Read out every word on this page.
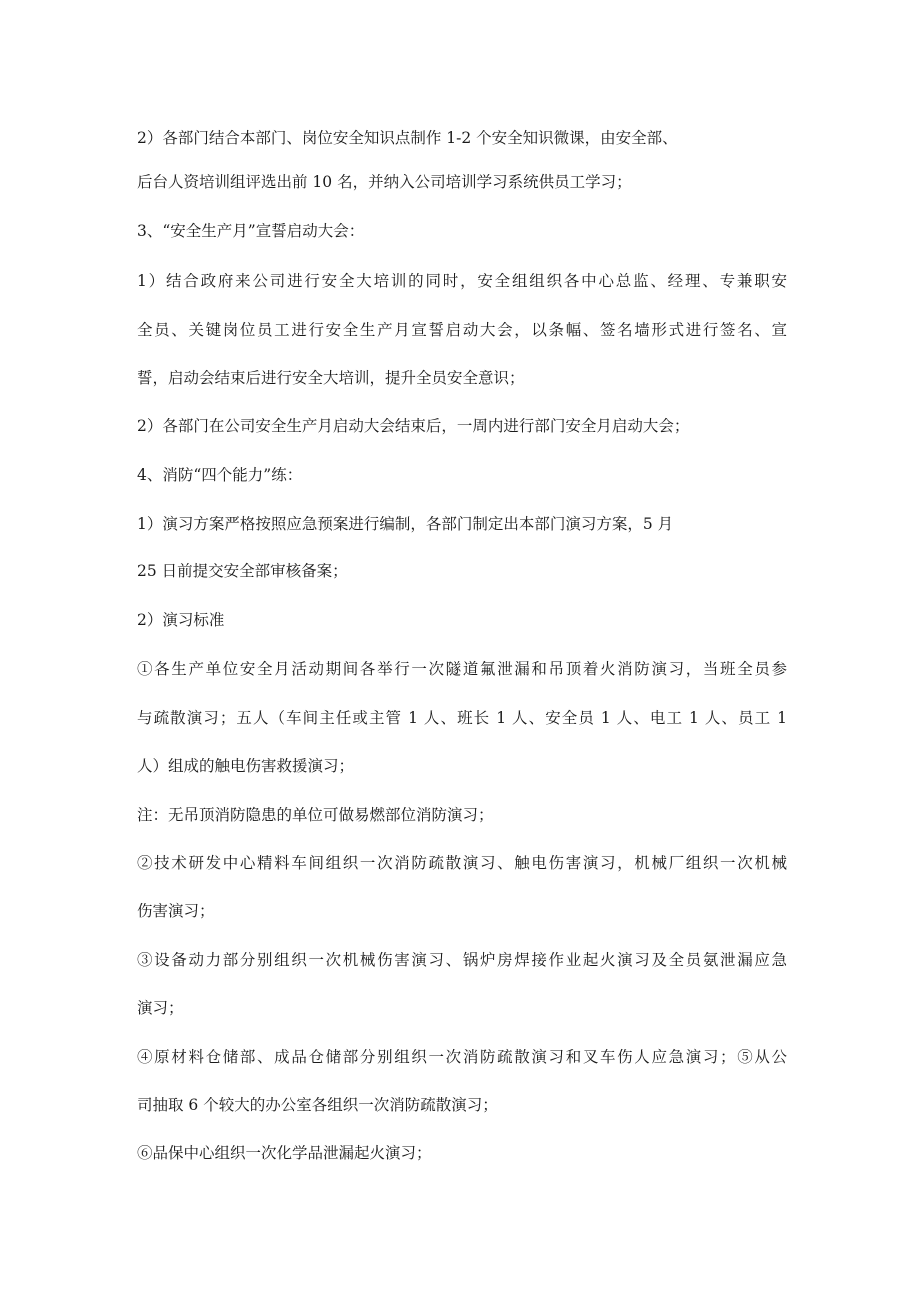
2）各部门结合本部门、岗位安全知识点制作 1-2 个安全知识微课，由安全部、
后台人资培训组评选出前 10 名，并纳入公司培训学习系统供员工学习；
3、“安全生产月”宣誓启动大会：
1）结合政府来公司进行安全大培训的同时，安全组组织各中心总监、经理、专兼职安
全员、关键岗位员工进行安全生产月宣誓启动大会，以条幅、签名墙形式进行签名、宣
誓，启动会结束后进行安全大培训，提升全员安全意识；
2）各部门在公司安全生产月启动大会结束后，一周内进行部门安全月启动大会；
4、消防“四个能力”练：
1）演习方案严格按照应急预案进行编制，各部门制定出本部门演习方案，5 月
25 日前提交安全部审核备案；
2）演习标准
①各生产单位安全月活动期间各举行一次隧道氟泄漏和吊顶着火消防演习，当班全员参
与疏散演习；五人（车间主任或主管 1 人、班长 1 人、安全员 1 人、电工 1 人、员工 1
人）组成的触电伤害救援演习；
注：无吊顶消防隐患的单位可做易燃部位消防演习；
②技术研发中心精料车间组织一次消防疏散演习、触电伤害演习，机械厂组织一次机械
伤害演习；
③设备动力部分别组织一次机械伤害演习、锅炉房焊接作业起火演习及全员氨泄漏应急
演习；
④原材料仓储部、成品仓储部分别组织一次消防疏散演习和叉车伤人应急演习；⑤从公
司抽取 6 个较大的办公室各组织一次消防疏散演习；
⑥品保中心组织一次化学品泄漏起火演习；
